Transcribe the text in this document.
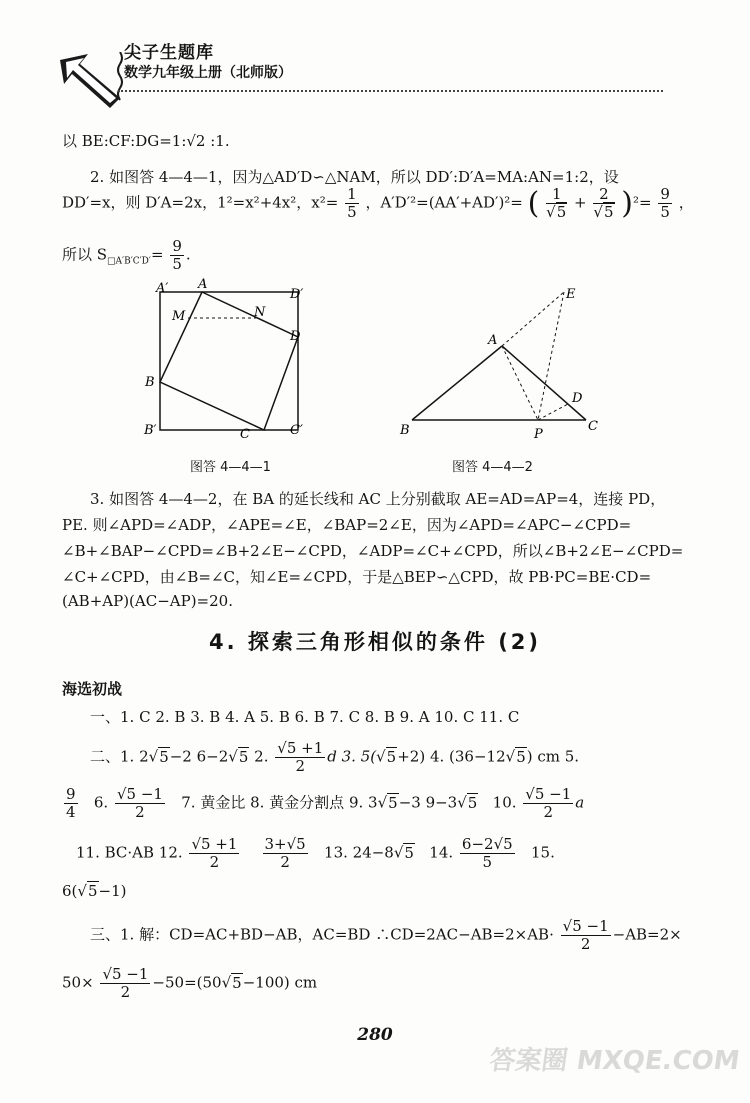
尖子生题库
数学九年级上册（北师版）
以 BE:CF:DG=1:√2 :1.
2. 如图答 4—4—1，因为△AD′D∽△NAM，所以 DD′:D′A=MA:AN=1:2，设
DD′=x，则 D′A=2x，1²=x²+4x²，$x^2= \frac{1}{5}$ ，A′D′²=(AA′+AD′)²= ( $\frac{1}{√5} + \frac{2}{√5} )^2= \frac{9}{5}$ ，
所以 $S_{□A'B'C'D'}= \frac{9}{5}$ .
A′ A
D′
M	N
D
B
B′	C	C′
图答 4—4—1
E
A
D
B	P
C
图答 4—4—2
3. 如图答 4—4—2，在 BA 的延长线和 AC 上分别截取 AE=AD=AP=4，连接 PD，
PE. 则∠APD=∠ADP，∠APE=∠E，∠BAP=2∠E，因为∠APD=∠APC−∠CPD=
∠B+∠BAP−∠CPD=∠B+2∠E−∠CPD，∠ADP=∠C+∠CPD，所以∠B+2∠E−∠CPD=
∠C+∠CPD，由∠B=∠C，知∠E=∠CPD，于是△BEP∽△CPD，故 PB·PC=BE·CD=
(AB+AP)(AC−AP)=20.
4. 探索三角形相似的条件 (2)
海选初战
一、1. C 2. B 3. B 4. A 5. B 6. B 7. C 8. B 9. A 10. C 11. C
二、1. 2√5−2 6−2√5 2. $\frac{√5 +1}{2}$ d 3. 5(√5+2) 4. (36−12√5) cm 5.
$\frac{9}{4} 6$. $\frac{√5 -1}{2} 7$. 黄金比 8. 黄金分割点 9. 3√5−3 9−3√5 10. $\frac{√5 -1}{2}$ a
11. BC·AB 12. $\frac{√5 +1}{2}$
$\frac{3+√5}{2} 13$. 24−8√5 14. $\frac{6-2√5}{5} 15$.
6(√5−1)
三、1. 解：CD=AC+BD−AB，AC=BD ∴CD=2AC−AB=2×AB· $\frac{√5 -1}{2} -AB=2\times$
$50\times \frac{√5 -1}{2} -50=(50√5-100)$ cm
280
答案圈 MXQE.COM
